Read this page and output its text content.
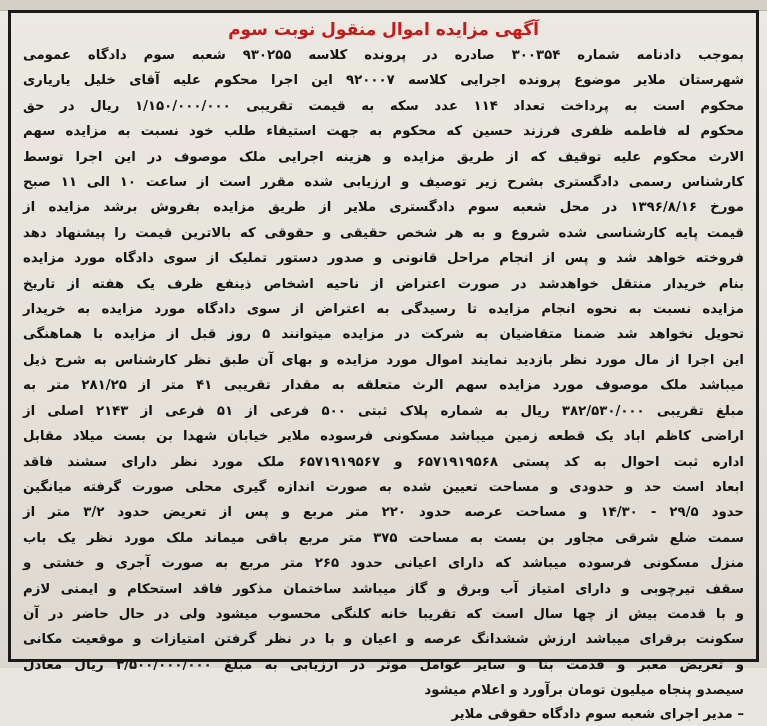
آگهی مزایده اموال منقول نوبت سوم
بموجب دادنامه شماره ۳۰۰۳۵۴ صادره در پرونده کلاسه ۹۳۰۲۵۵ شعبه سوم دادگاه عمومی
شهرستان ملایر موضوع پرونده اجرایی کلاسه ۹۲۰۰۰۷ این اجرا محکوم علیه آقای خلیل یاریاری
محکوم است به پرداخت تعداد ۱۱۴ عدد سکه به قیمت تقریبی ۱/۱۵۰/۰۰۰/۰۰۰ ریال در حق
محکوم له فاطمه ظفری فرزند حسین که محکوم به جهت استیفاء طلب خود نسبت به مزایده سهم
الارث محکوم علیه توقیف که از طریق مزایده و هزینه اجرایی ملک موصوف در این اجرا توسط
کارشناس رسمی دادگستری بشرح زیر توصیف و ارزیابی شده مقرر است از ساعت ۱۰ الی ۱۱ صبح
مورخ ۱۳۹۶/۸/۱۶ در محل شعبه سوم دادگستری ملایر از طریق مزایده بفروش برشد مزایده از
قیمت پایه کارشناسی شده شروع و به هر شخص حقیقی و حقوقی که بالاترین قیمت را پیشنهاد دهد
فروخته خواهد شد و پس از انجام مراحل قانونی و صدور دستور تملیک از سوی دادگاه مورد مزایده
بنام خریدار منتقل خواهدشد در صورت اعتراض از ناحیه اشخاص ذینفع ظرف یک هفته از تاریخ
مزایده نسبت به نحوه انجام مزایده تا رسیدگی به اعتراض از سوی دادگاه مورد مزایده به خریدار
تحویل نخواهد شد ضمنا متقاضیان به شرکت در مزایده میتوانند ۵ روز قبل از مزایده با هماهنگی
این اجرا از مال مورد نظر بازدید نمایند اموال مورد مزایده و بهای آن طبق نظر کارشناس به شرح ذیل
میباشد ملک موصوف مورد مزایده سهم الرث متعلقه به مقدار تقریبی ۴۱ متر از ۲۸۱/۲۵ متر به
مبلغ تقریبی ۳۸۲/۵۳۰/۰۰۰ ریال به شماره پلاک ثبتی ۵۰۰ فرعی از ۵۱ فرعی از ۲۱۴۳ اصلی از
اراضی کاظم اباد یک قطعه زمین میباشد مسکونی فرسوده ملایر خیابان شهدا بن بست میلاد مقابل
اداره ثبت احوال به کد پستی ۶۵۷۱۹۱۹۵۶۸ و ۶۵۷۱۹۱۹۵۶۷ ملک مورد نظر دارای سشند فاقد
ابعاد است حد و حدودی و مساحت تعیین شده به صورت اندازه گیری محلی صورت گرفته میانگین
حدود ۲۹/۵ - ۱۴/۳۰ و مساحت عرصه حدود ۲۲۰ متر مربع و پس از تعریض حدود ۳/۲ متر از
سمت ضلع شرقی مجاور بن بست به مساحت ۳۷۵ متر مربع باقی میماند ملک مورد نظر یک باب
منزل مسکونی فرسوده میباشد که دارای اعیانی حدود ۲۶۵ متر مربع به صورت آجری و خشتی و
سقف تیرچوبی و دارای امتیاز آب وبرق و گاز میباشد ساختمان مذکور فاقد استحکام و ایمنی لازم
و با قدمت بیش از چها سال است که تقریبا خانه کلنگی محسوب میشود ولی در حال حاضر در آن
سکونت برقرای میباشد ارزش ششدانگ عرصه و اعیان و با در نظر گرفتن امتیازات و موقعیت مکانی
و تعریض معبر و قدمت بنا و سایر عوامل موثر در ارزیابی به مبلغ ۳/۵۰۰/۰۰۰/۰۰۰ ریال معادل
سیصدو پنجاه میلیون تومان برآورد و اعلام میشود
– مدیر اجرای شعبه سوم دادگاه حقوقی ملایر
